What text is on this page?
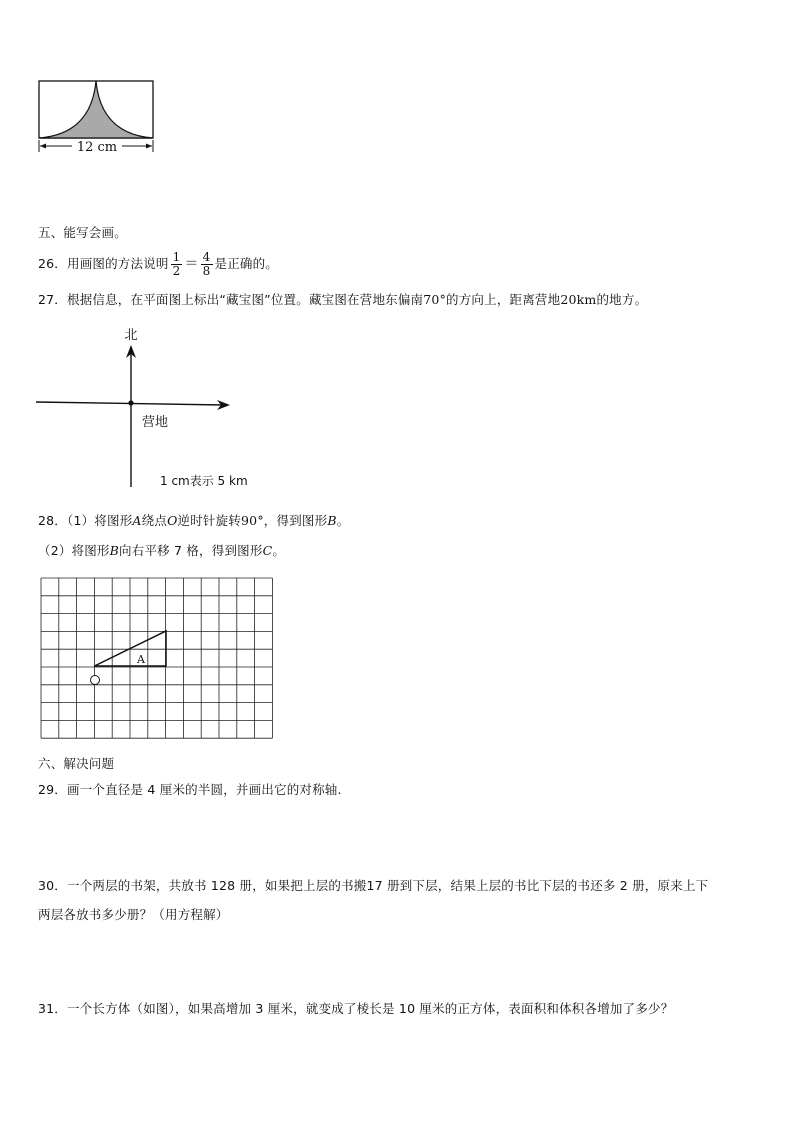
12 cm
五、能写会画。
26．用画图的方法说明 $\frac{1}{2} = \frac{4}{8}$ 是正确的。
27．根据信息，在平面图上标出“藏宝图”位置。藏宝图在营地东偏南70°的方向上，距离营地20km的地方。
北
营地
1 cm表示 5 km
28．（1）将图形A绕点O逆时针旋转90°，得到图形B。
（2）将图形B向右平移 7 格，得到图形C。
A
六、解决问题
29．画一个直径是 4 厘米的半圆，并画出它的对称轴.
30．一个两层的书架，共放书 128 册，如果把上层的书搬17 册到下层，结果上层的书比下层的书还多 2 册，原来上下
两层各放书多少册？（用方程解）
31．一个长方体（如图），如果高增加 3 厘米，就变成了棱长是 10 厘米的正方体，表面积和体积各增加了多少？
